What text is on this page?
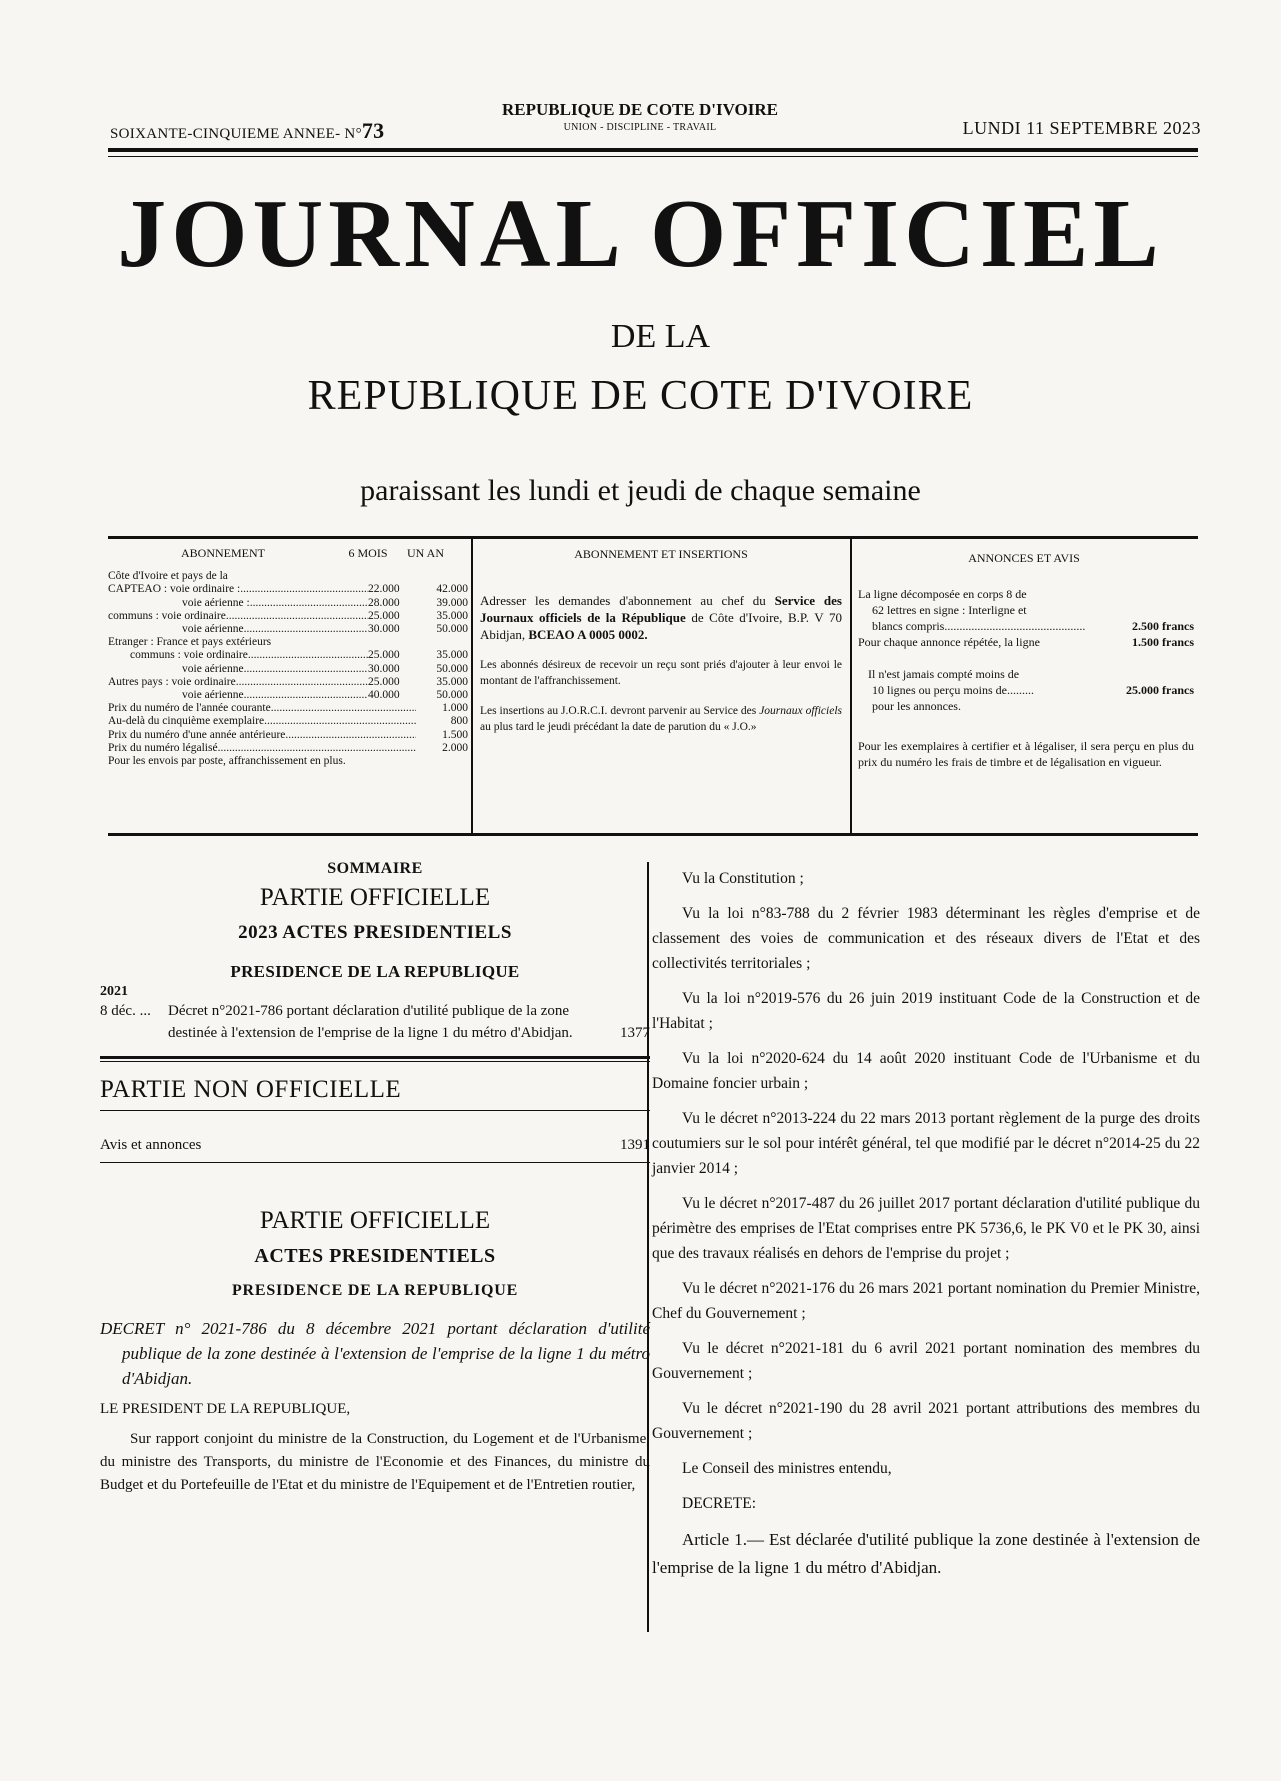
SOIXANTE-CINQUIEME ANNEE- N°73
REPUBLIQUE DE COTE D'IVOIRE
UNION - DISCIPLINE - TRAVAIL	LUNDI 11 SEPTEMBRE 2023
JOURNAL OFFICIEL
DE LA
REPUBLIQUE DE COTE D'IVOIRE
paraissant les lundi et jeudi de chaque semaine
ABONNEMENT	6 MOIS	UN AN
Côte d'Ivoire et pays de la
CAPTEAO : voie ordinaire : .....	22.000	42.000
voie aérienne : .....	28.000	39.000
communs : voie ordinaire .....	25.000	35.000
voie aérienne .....	30.000	50.000
Etranger : France et pays extérieurs
communs : voie ordinaire .....	25.000	35.000
voie aérienne .....	30.000	50.000
Autres pays : voie ordinaire .....	25.000	35.000
voie aérienne .....	40.000	50.000
Prix du numéro de l'année courante .....	1.000
Au-delà du cinquième exemplaire .....	800
Prix du numéro d'une année antérieure .....	1.500
Prix du numéro légalisé .....	2.000
Pour les envois par poste, affranchissement en plus.
ABONNEMENT ET INSERTIONS

Adresser les demandes d'abonnement au chef du Service des Journaux officiels de la République de Côte d'Ivoire, B.P. V 70 Abidjan, BCEAO A 0005 0002.

Les abonnés désireux de recevoir un reçu sont priés d'ajouter à leur envoi le montant de l'affranchissement.

Les insertions au J.O.R.C.I. devront parvenir au Service des Journaux officiels au plus tard le jeudi précédant la date de parution du « J.O.»

ANNONCES ET AVIS
La ligne décomposée en corps 8 de
62 lettres en signe : Interligne et
blancs compris...............................................	2.500 francs
Pour chaque annonce répétée, la ligne	1.500 francs
Il n'est jamais compté moins de
10 lignes ou perçu moins de.........	25.000 francs
pour les annonces.
Pour les exemplaires à certifier et à légaliser, il sera perçu en plus du prix du numéro les frais de timbre et de légalisation en vigueur.
SOMMAIRE
PARTIE OFFICIELLE
2023 ACTES PRESIDENTIELS
PRESIDENCE DE LA REPUBLIQUE
2021
8 déc. ...	Décret n°2021-786 portant déclaration d'utilité publique de la zone destinée à l'extension de l'emprise de la ligne 1 du métro d'Abidjan.	1377
PARTIE NON OFFICIELLE
Avis et annonces	1391
PARTIE OFFICIELLE
ACTES PRESIDENTIELS
PRESIDENCE DE LA REPUBLIQUE
DECRET n° 2021-786 du 8 décembre 2021 portant déclaration d'utilité publique de la zone destinée à l'extension de l'emprise de la ligne 1 du métro d'Abidjan.
LE PRESIDENT DE LA REPUBLIQUE,
Sur rapport conjoint du ministre de la Construction, du Logement et de l'Urbanisme, du ministre des Transports, du ministre de l'Economie et des Finances, du ministre du Budget et du Portefeuille de l'Etat et du ministre de l'Equipement et de l'Entretien routier,

Vu la Constitution ;

Vu la loi n°83-788 du 2 février 1983 déterminant les règles d'emprise et de classement des voies de communication et des réseaux divers de l'Etat et des collectivités territoriales ;

Vu la loi n°2019-576 du 26 juin 2019 instituant Code de la Construction et de l'Habitat ;

Vu la loi n°2020-624 du 14 août 2020 instituant Code de l'Urbanisme et du Domaine foncier urbain ;

Vu le décret n°2013-224 du 22 mars 2013 portant règlement de la purge des droits coutumiers sur le sol pour intérêt général, tel que modifié par le décret n°2014-25 du 22 janvier 2014 ;

Vu le décret n°2017-487 du 26 juillet 2017 portant déclaration d'utilité publique du périmètre des emprises de l'Etat comprises entre PK 5736,6, le PK V0 et le PK 30, ainsi que des travaux réalisés en dehors de l'emprise du projet ;

Vu le décret n°2021-176 du 26 mars 2021 portant nomination du Premier Ministre, Chef du Gouvernement ;

Vu le décret n°2021-181 du 6 avril 2021 portant nomination des membres du Gouvernement ;

Vu le décret n°2021-190 du 28 avril 2021 portant attributions des membres du Gouvernement ;

Le Conseil des ministres entendu,

DECRETE:

Article 1.— Est déclarée d'utilité publique la zone destinée à l'extension de l'emprise de la ligne 1 du métro d'Abidjan.
